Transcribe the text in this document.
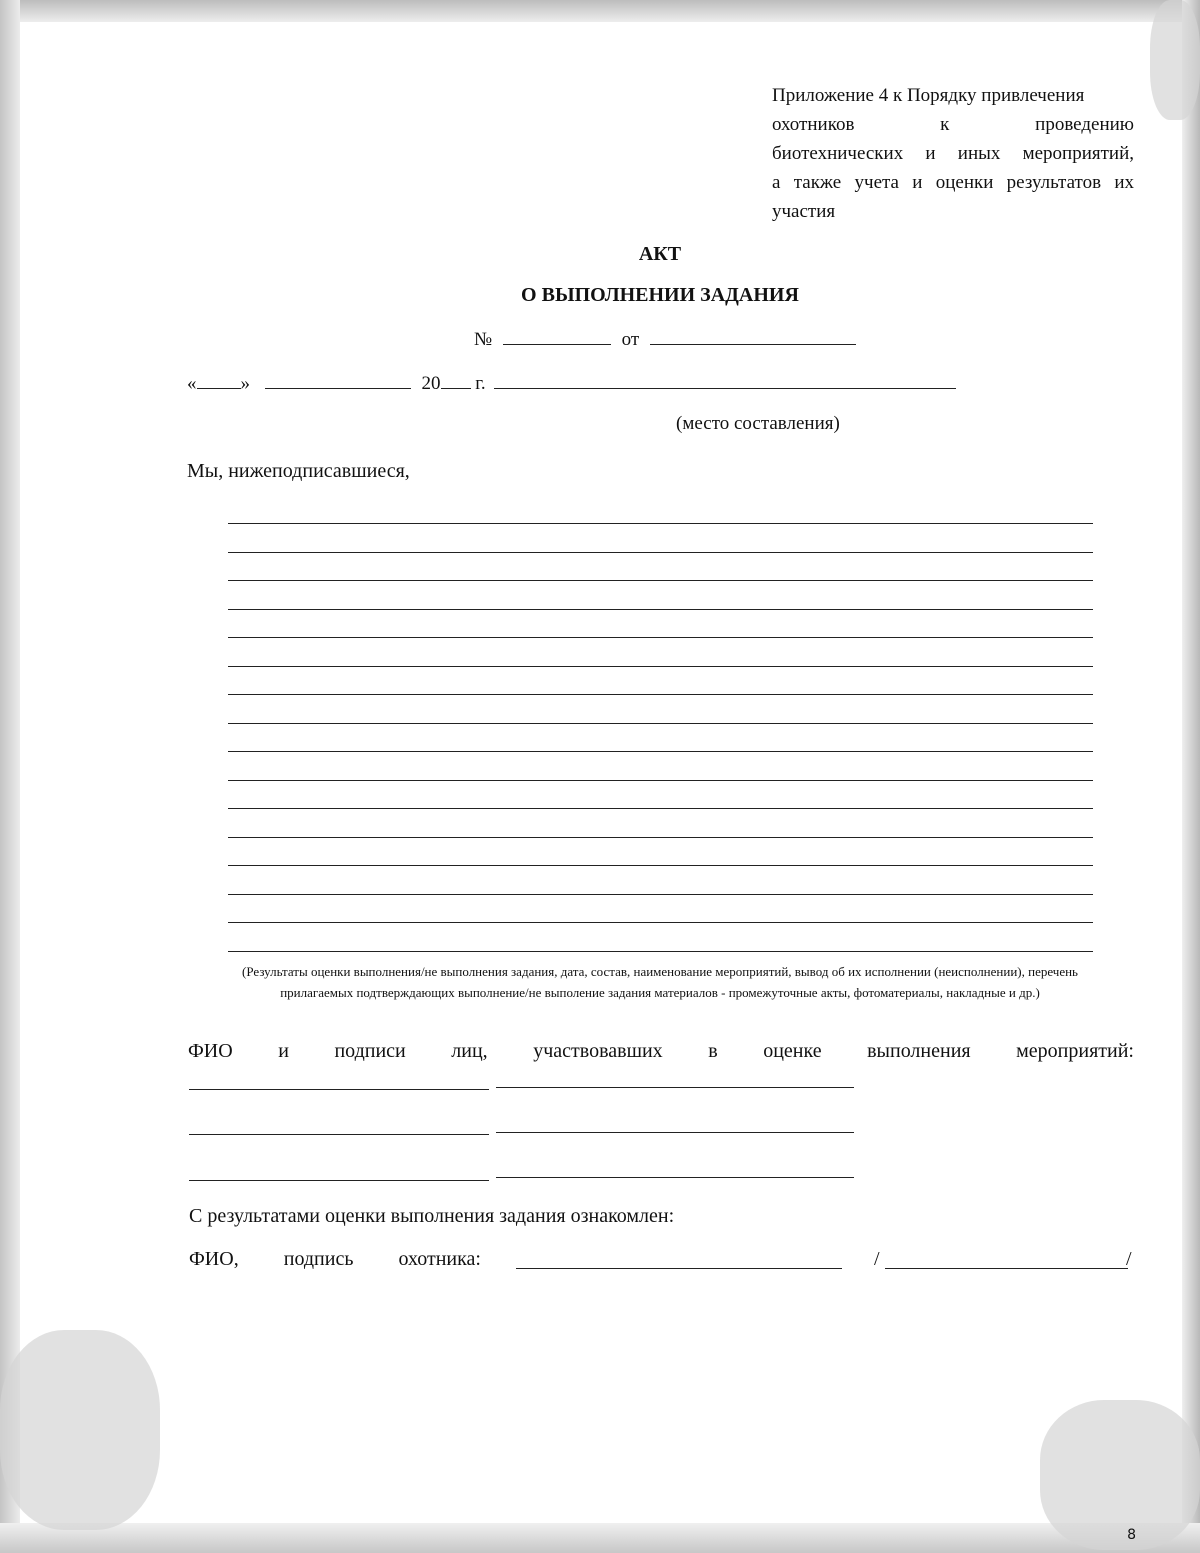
Приложение 4 к Порядку привлечения
охотников к проведению
биотехнических и иных мероприятий,
а также учета и оценки результатов их
участия
АКТ
О ВЫПОЛНЕНИИ ЗАДАНИЯ
№	от
« »	20 г.
(место составления)
Мы, нижеподписавшиеся,
(Результаты оценки выполнения/не выполнения задания, дата, состав, наименование мероприятий, вывод об их исполнении (неисполнении), перечень прилагаемых подтверждающих выполнение/не выполение задания материалов - промежуточные акты, фотоматериалы, накладные и др.)
ФИО и подписи лиц, участвовавших в оценке выполнения мероприятий:
С результатами оценки выполнения задания ознакомлен:
ФИО, подпись охотника:	/	/
8
